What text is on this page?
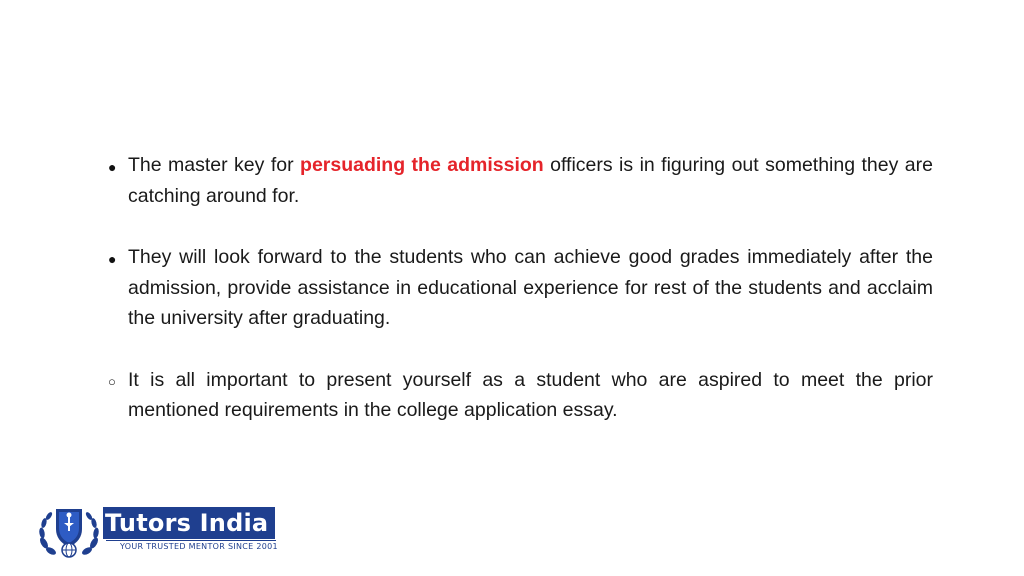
● The master key for persuading the admission officers is in figuring out something they are catching around for.
● They will look forward to the students who can achieve good grades immediately after the admission, provide assistance in educational experience for rest of the students and acclaim the university after graduating.
○ It is all important to present yourself as a student who are aspired to meet the prior mentioned requirements in the college application essay.
Tutors India
YOUR TRUSTED MENTOR SINCE 2001
